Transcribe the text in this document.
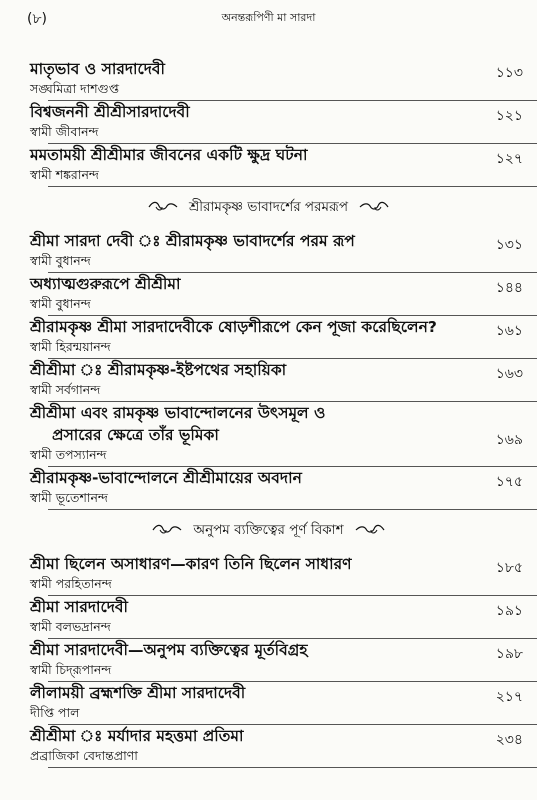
(৮)	অনন্তরূপিণী মা সারদা
মাতৃভাব ও সারদাদেবী
সঙ্ঘমিত্রা দাশগুপ্ত
১১৩
বিশ্বজননী শ্রীশ্রীসারদাদেবী
স্বামী জীবানন্দ
১২১
মমতাময়ী শ্রীশ্রীমার জীবনের একটি ক্ষুদ্র ঘটনা
স্বামী শঙ্করানন্দ
১২৭
শ্রীরামকৃষ্ণ ভাবাদর্শের পরমরূপ
শ্রীমা সারদা দেবী ঃ শ্রীরামকৃষ্ণ ভাবাদর্শের পরম রূপ
স্বামী বুধানন্দ
১৩১
অধ্যাত্মগুরুরূপে শ্রীশ্রীমা
স্বামী বুধানন্দ
১৪৪
শ্রীরামকৃষ্ণ শ্রীমা সারদাদেবীকে ষোড়শীরূপে কেন পূজা করেছিলেন?
স্বামী হিরন্ময়ানন্দ
১৬১
শ্রীশ্রীমা ঃ শ্রীরামকৃষ্ণ-ইষ্টপথের সহায়িকা
স্বামী সর্বগানন্দ
১৬৩
শ্রীশ্রীমা এবং রামকৃষ্ণ ভাবান্দোলনের উৎসমূল ও
প্রসারের ক্ষেত্রে তাঁর ভূমিকা
স্বামী তপস্যানন্দ
১৬৯
শ্রীরামকৃষ্ণ-ভাবান্দোলনে শ্রীশ্রীমায়ের অবদান
স্বামী ভূতেশানন্দ
১৭৫
অনুপম ব্যক্তিত্বের পূর্ণ বিকাশ
শ্রীমা ছিলেন অসাধারণ—কারণ তিনি ছিলেন সাধারণ
স্বামী পরহিতানন্দ
১৮৫
শ্রীমা সারদাদেবী
স্বামী বলভদ্রানন্দ
১৯১
শ্রীমা সারদাদেবী—অনুপম ব্যক্তিত্বের মূর্তবিগ্রহ
স্বামী চিদ্‌রূপানন্দ
১৯৮
লীলাময়ী ব্রহ্মশক্তি শ্রীমা সারদাদেবী
দীপ্তি পাল
২১৭
শ্রীশ্রীমা ঃ মর্যাদার মহত্তমা প্রতিমা
প্রব্রাজিকা বেদান্তপ্রাণা
২৩৪
